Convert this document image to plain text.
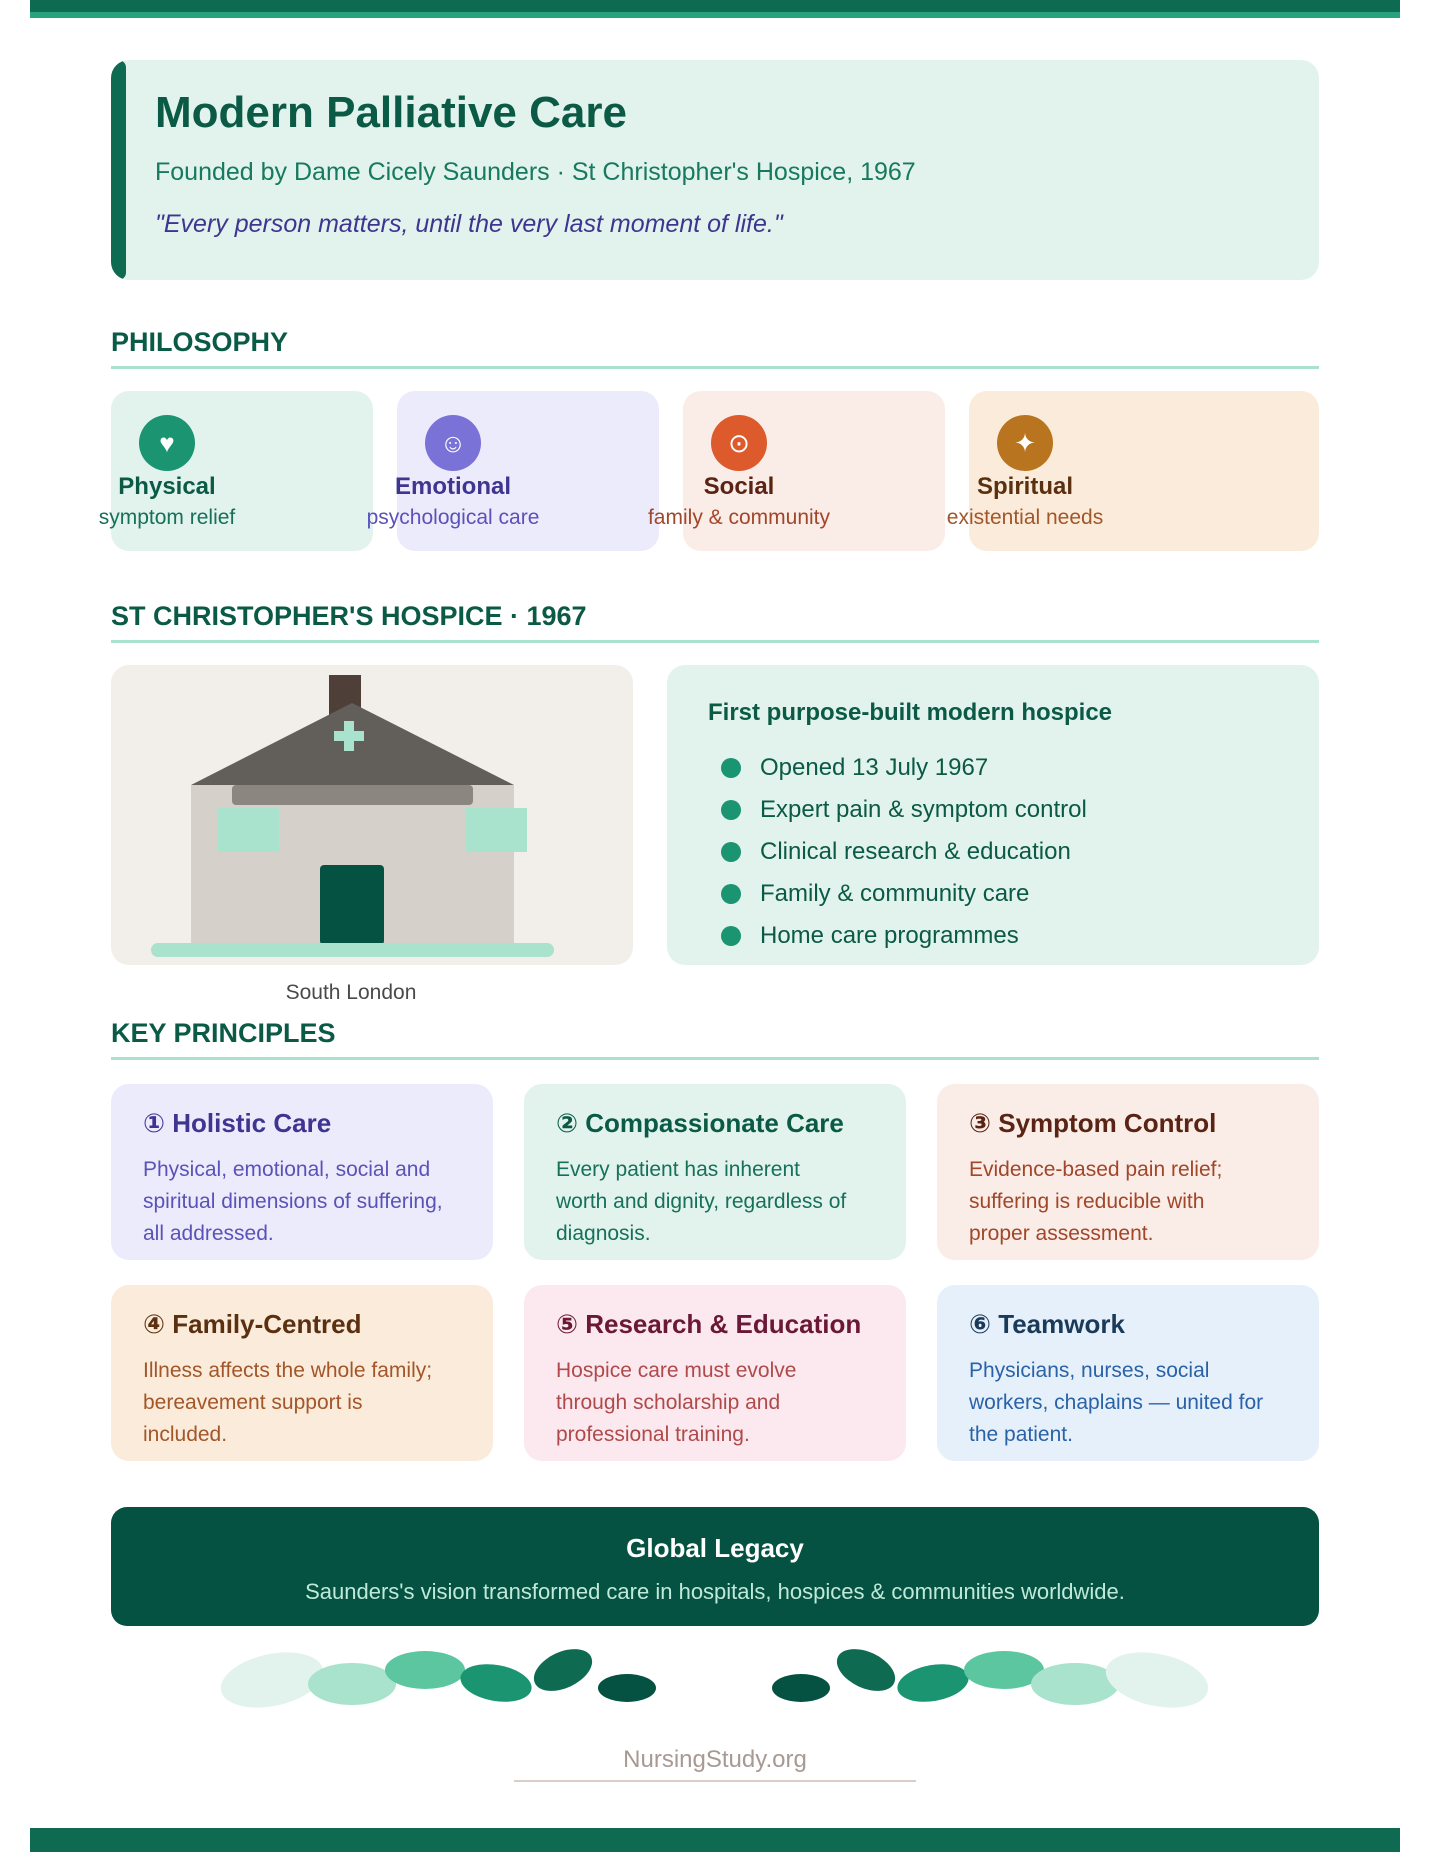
Modern Palliative Care

Founded by Dame Cicely Saunders · St Christopher's Hospice, 1967

"Every person matters, until the very last moment of life."

PHILOSOPHY
♥
Physical
symptom relief
☺
Emotional
psychological care
⊙
Social
family & community
✦
Spiritual
existential needs
ST CHRISTOPHER'S HOSPICE · 1967

South London

First purpose-built modern hospice
Opened 13 July 1967
Expert pain & symptom control
Clinical research & education
Family & community care
Home care programmes
KEY PRINCIPLES
① Holistic Care

Physical, emotional, social and spiritual dimensions of suffering, all addressed.

② Compassionate Care

Every patient has inherent worth and dignity, regardless of diagnosis.

③ Symptom Control

Evidence-based pain relief; suffering is reducible with proper assessment.

④ Family-Centred

Illness affects the whole family; bereavement support is included.

⑤ Research & Education

Hospice care must evolve through scholarship and professional training.

⑥ Teamwork

Physicians, nurses, social workers, chaplains — united for the patient.

Global Legacy

Saunders's vision transformed care in hospitals, hospices & communities worldwide.

NursingStudy.org
